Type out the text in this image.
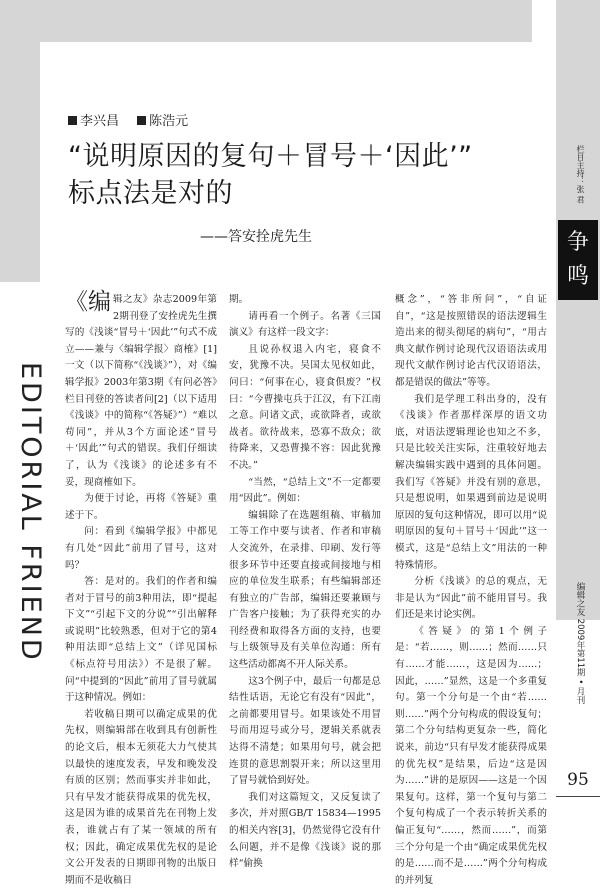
李兴昌 陈浩元
“说明原因的复句＋冒号＋‘因此’”
标点法是对的
——答安拴虎先生
EDITORIAL FRIEND
栏目主持：张 君
争
鸣
编辑之友 2009年第11期 • 月刊
95

《编辑之友》杂志2009年第2期刊登了安拴虎先生撰写的《浅谈“冒号＋‘因此’”句式不成立——兼与〈编辑学报〉商榷》[1]一文（以下简称“《浅谈》”），对《编辑学报》2003年第3期《有问必答》栏目刊登的答读者问[2]（以下适用《浅谈》中的简称“《答疑》”）“难以苟同”，并从3个方面论述“冒号＋‘因此’”句式的错误。我们仔细读了，认为《浅谈》的论述多有不妥，现商榷如下。

为便于讨论，再将《答疑》重述于下。

问：看到《编辑学报》中都见有几处“因此”前用了冒号，这对吗？

答：是对的。我们的作者和编者对于冒号的前3种用法，即“提起下文”“引起下文的分说”“引出解释或说明”比较熟悉，但对于它的第4种用法即“总结上文”（详见国标《标点符号用法》）不是很了解。问“中提到的“因此”前用了冒号就属于这种情况。例如：

若收稿日期可以确定成果的优先权，则编辑部在收到具有创新性的论文后，根本无须花大力气使其以最快的速度发表，早发和晚发没有质的区别；然而事实并非如此，只有早发才能获得成果的优先权，这是因为谁的成果首先在刊物上发表，谁就占有了某一领域的所有权；因此，确定成果优先权的是论文公开发表的日期即刊物的出版日期而不是收稿日

期。

请再看一个例子。名著《三国演义》有这样一段文字：

且说孙权退入内宅，寝食不安，犹豫不决。吴国太见权如此，问曰：“何事在心，寝食俱废？”权曰：“今曹操屯兵于江汉，有下江南之意。问诸文武，或欲降者，或欲战者。欲待战来，恐寡不敌众；欲待降来，又恐曹操不容：因此犹豫不决。”

“当然，“总结上文”不一定都要用“因此”。例如：

编辑除了在选题组稿、审稿加工等工作中要与读者、作者和审稿人交流外，在录排、印刷、发行等很多环节中还要直接或间接地与相应的单位发生联系；有些编辑部还有独立的广告部，编辑还要兼顾与广告客户接触；为了获得充实的办刊经费和取得各方面的支持，也要与上级领导及有关单位沟通：所有这些活动都离不开人际关系。

这3个例子中，最后一句都是总结性话语，无论它有没有“因此”，之前都要用冒号。如果该处不用冒号而用逗号或分号，逻辑关系就表达得不清楚；如果用句号，就会把连贯的意思割裂开来；所以这里用了冒号就恰到好处。

我们对这篇短文，又反复读了多次，并对照GB/T 15834—1995的相关内容[3]，仍然觉得它没有什么问题，并不是像《浅谈》说的那样“偷换

概念”，“答非所问”，“自证自”，“这是按照错误的语法逻辑生造出来的彻头彻尾的病句”，“用古典文献作例讨论现代汉语语法或用现代文献作例讨论古代汉语语法，都是错误的做法”等等。

我们是学理工科出身的，没有《浅谈》作者那样深厚的语文功底，对语法逻辑理论也知之不多，只是比较关注实际，注重较好地去解决编辑实践中遇到的具体问题。我们写《答疑》并没有别的意思，只是想说明，如果遇到前边是说明原因的复句这种情况，即可以用“说明原因的复句＋冒号＋‘因此’”这一模式，这是“总结上文”用法的一种特殊情形。

分析《浅谈》的总的观点，无非是认为“因此”前不能用冒号。我们还是来讨论实例。

《答疑》的第1个例子是：“若……，则……；然而……只有……才能……，这是因为……；因此，……”显然，这是一个多重复句。第一个分句是一个由“若……则……”两个分句构成的假设复句；第二个分句结构更复杂一些，简化说来，前边“只有早发才能获得成果的优先权”是结果，后边“这是因为……”讲的是原因——这是一个因果复句。这样，第一个复句与第二个复句构成了一个表示转折关系的偏正复句“……，然而……”，而第三个分句是一个由“确定成果优先权的是……而不是……”两个分句构成的并列复
